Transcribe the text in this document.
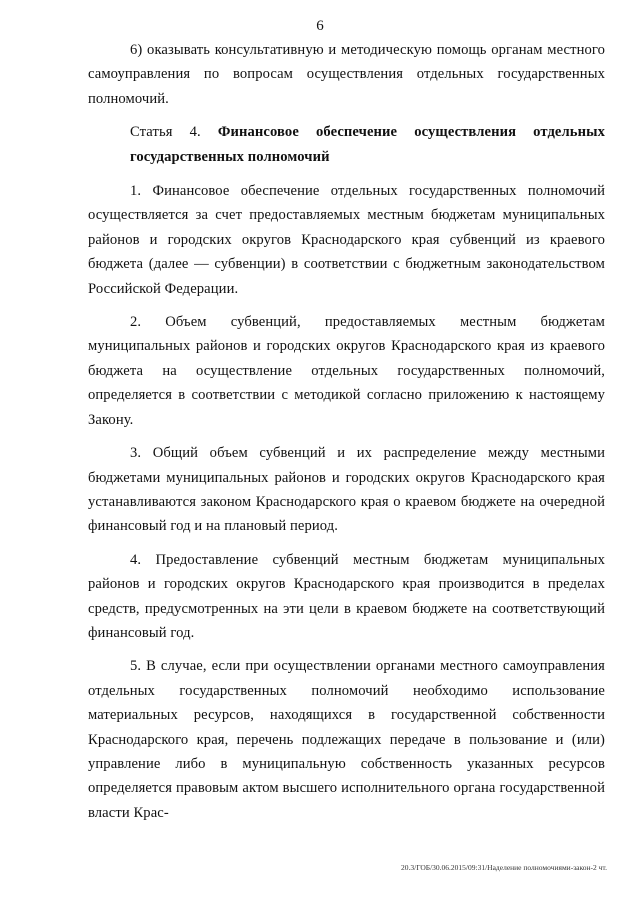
6

6) оказывать консультативную и методическую помощь органам местного самоуправления по вопросам осуществления отдельных государственных полномочий.

Статья 4. Финансовое обеспечение осуществления отдельных государственных полномочий

1. Финансовое обеспечение отдельных государственных полномочий осуществляется за счет предоставляемых местным бюджетам муниципальных районов и городских округов Краснодарского края субвенций из краевого бюджета (далее — субвенции) в соответствии с бюджетным законодательством Российской Федерации.

2. Объем субвенций, предоставляемых местным бюджетам муниципальных районов и городских округов Краснодарского края из краевого бюджета на осуществление отдельных государственных полномочий, определяется в соответствии с методикой согласно приложению к настоящему Закону.

3. Общий объем субвенций и их распределение между местными бюджетами муниципальных районов и городских округов Краснодарского края устанавливаются законом Краснодарского края о краевом бюджете на очередной финансовый год и на плановый период.

4. Предоставление субвенций местным бюджетам муниципальных районов и городских округов Краснодарского края производится в пределах средств, предусмотренных на эти цели в краевом бюджете на соответствующий финансовый год.

5. В случае, если при осуществлении органами местного самоуправления отдельных государственных полномочий необходимо использование материальных ресурсов, находящихся в государственной собственности Краснодарского края, перечень подлежащих передаче в пользование и (или) управление либо в муниципальную собственность указанных ресурсов определяется правовым актом высшего исполнительного органа государственной власти Крас-

20.3/ГОБ/30.06.2015/09:31/Наделение полномочиями-закон-2 чт.
